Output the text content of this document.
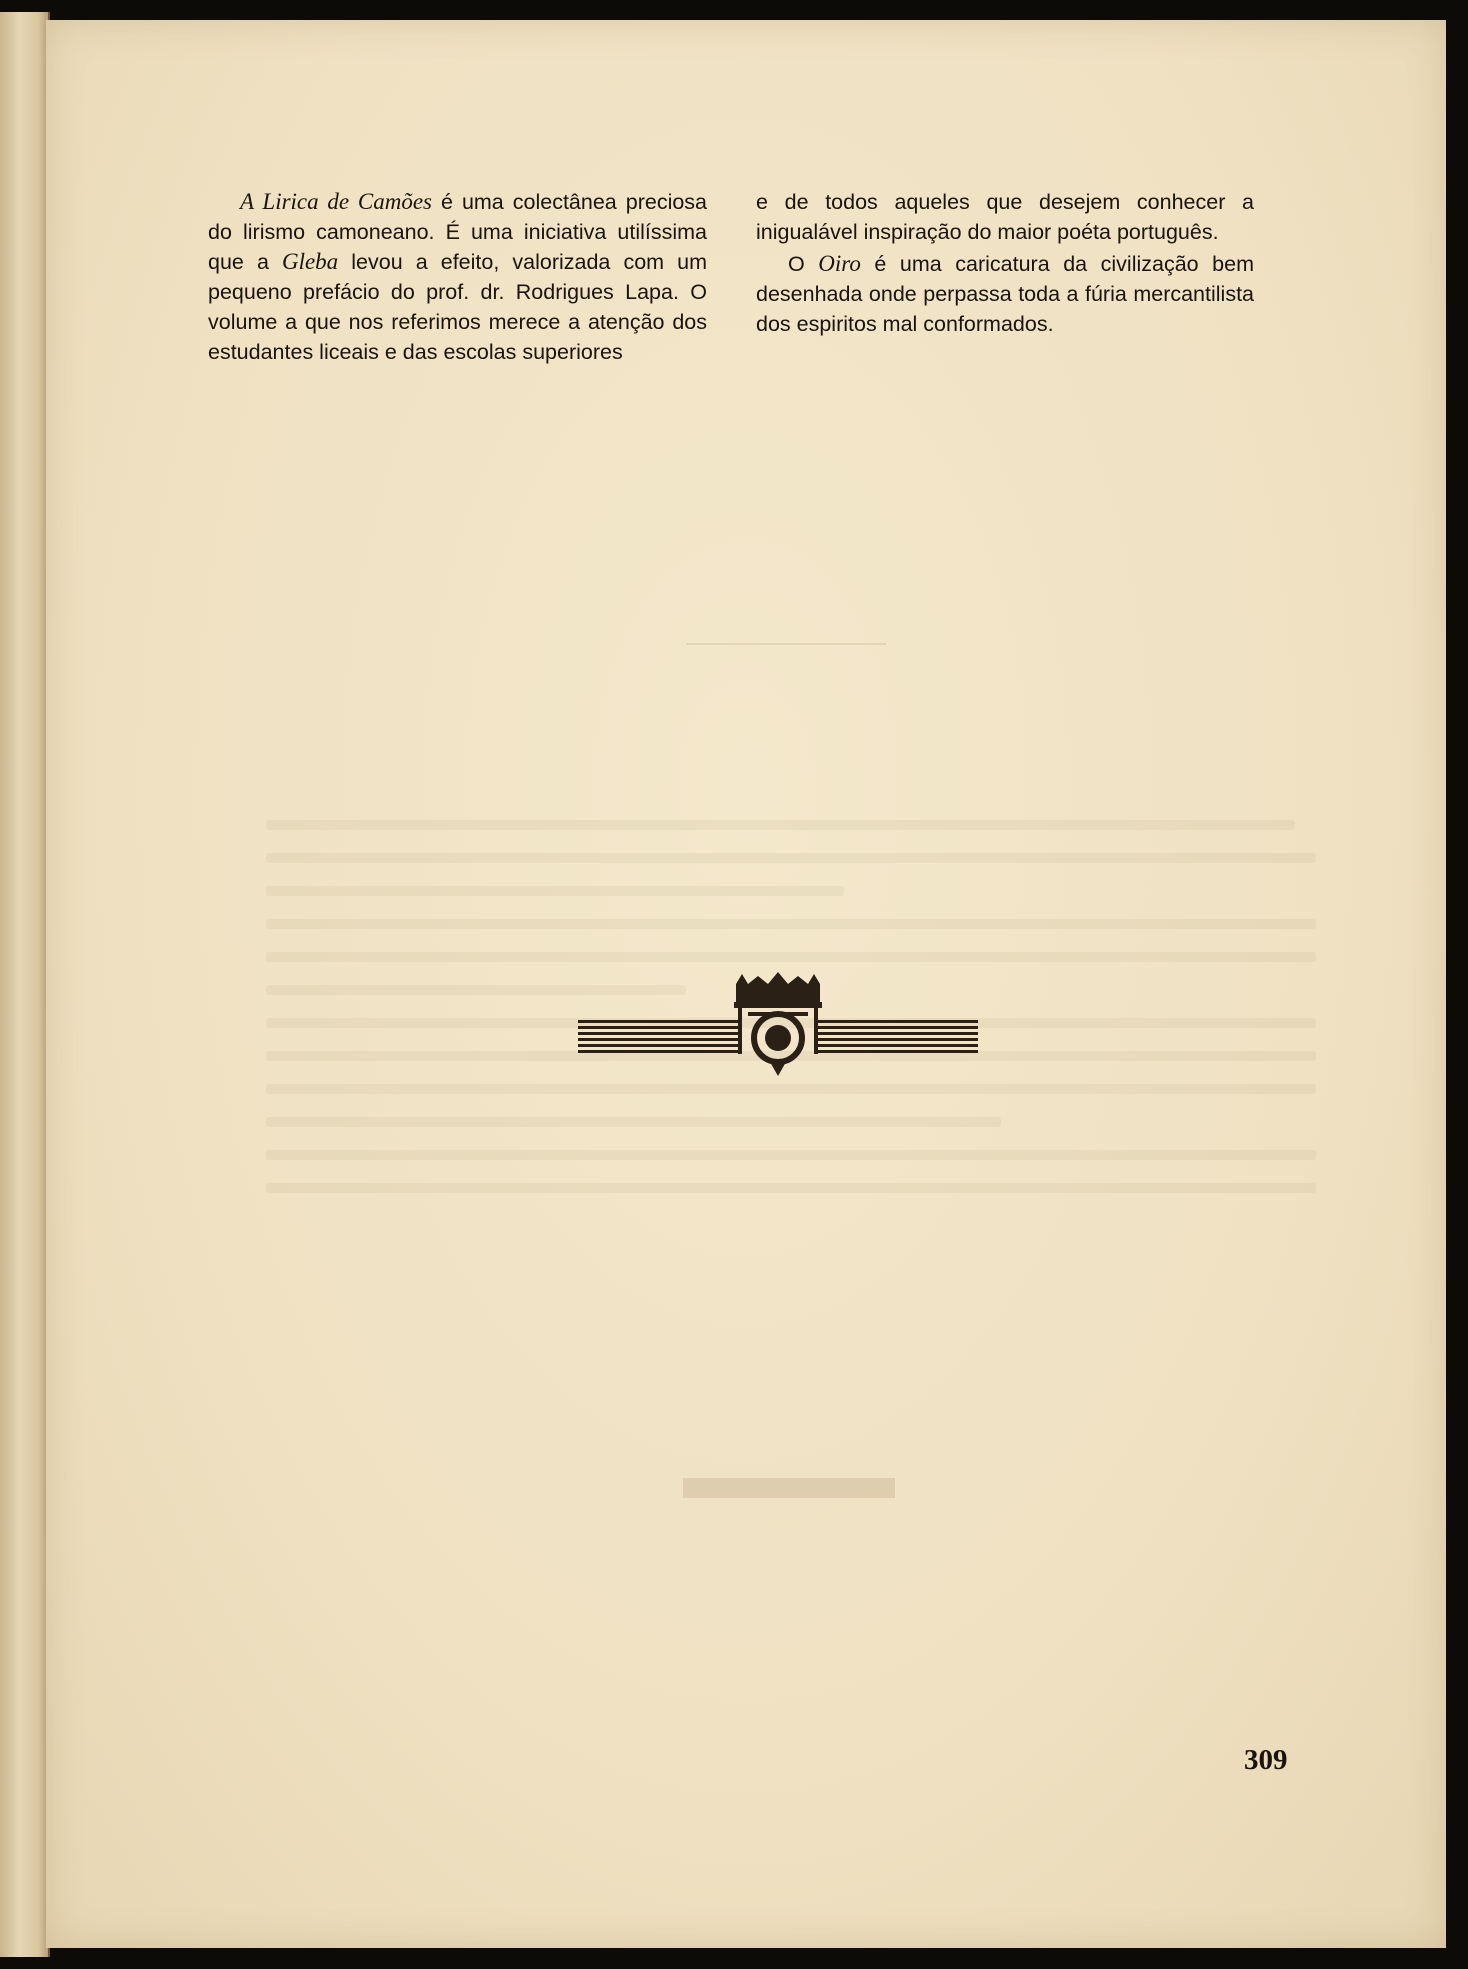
A Lirica de Camões é uma colectânea preciosa do lirismo camoneano. É uma iniciativa utilíssima que a Gleba levou a efeito, valorizada com um pequeno prefácio do prof. dr. Rodrigues Lapa. O volume a que nos referimos merece a atenção dos estudantes liceais e das escolas superiores

e de todos aqueles que desejem conhecer a inigualável inspiração do maior poéta português.

O Oiro é uma caricatura da civilização bem desenhada onde perpassa toda a fúria mercantilista dos espiritos mal conformados.

309
